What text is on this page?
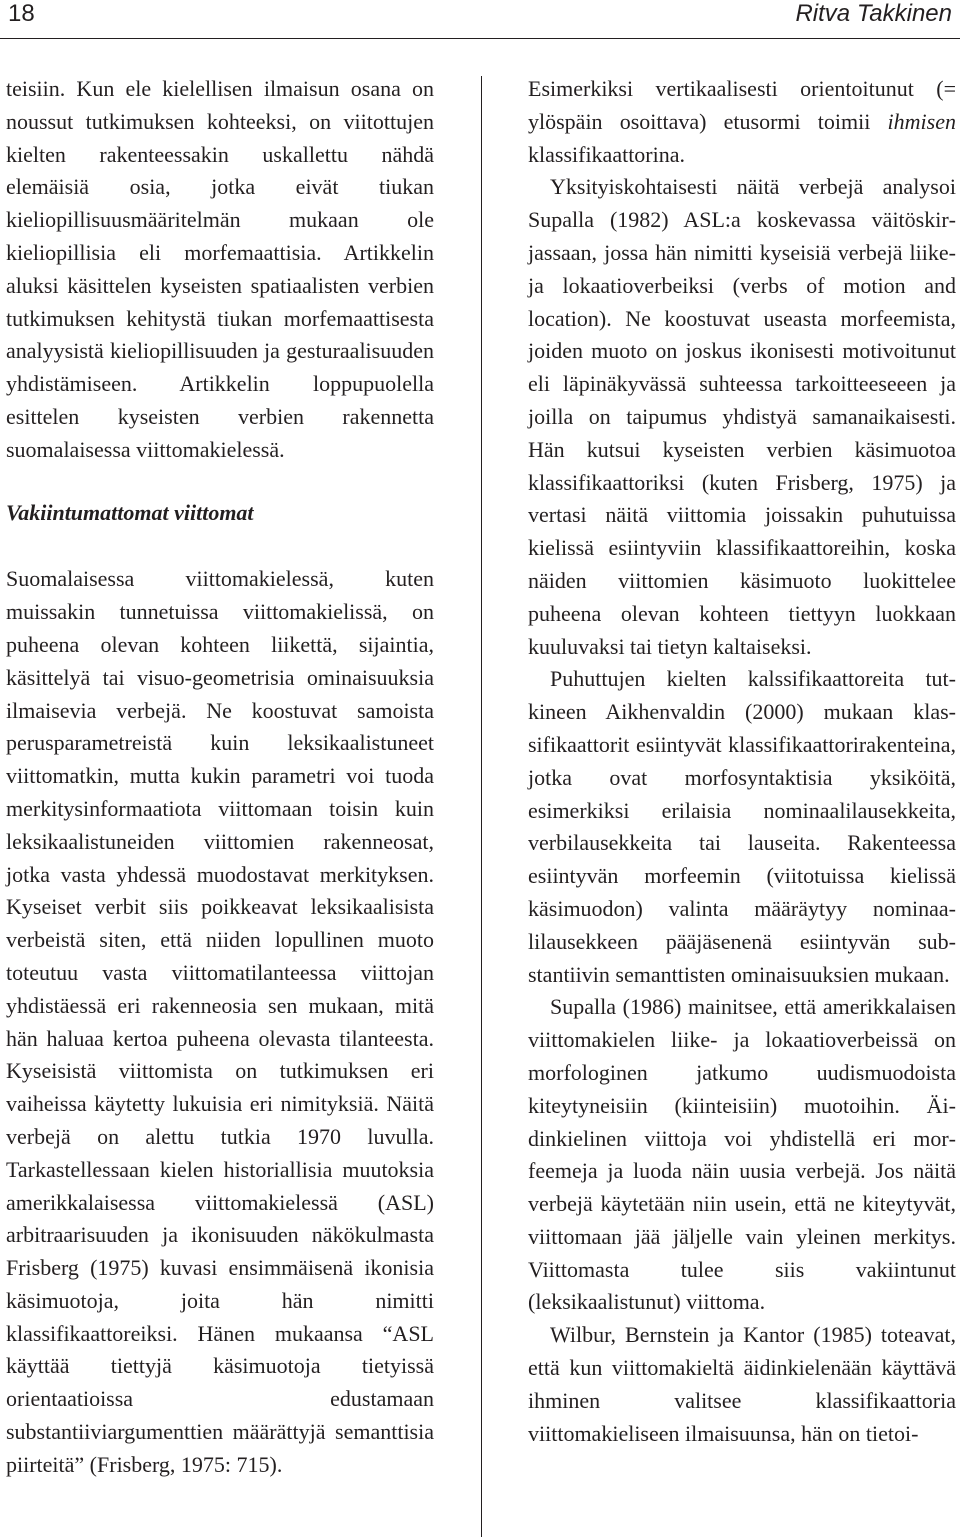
18	Ritva Takkinen

teisiin. Kun ele kielellisen ilmaisun osana on noussut tutkimuksen kohteeksi, on viitottujen kielten rakenteessakin uskallettu nähdä elemäisiä osia, jotka eivät tiukan kieliopillisuusmääritelmän mukaan ole kieliopillisia eli morfemaattisia. Artikkelin aluksi käsittelen kyseisten spatiaalisten verbien tutkimuksen kehitystä tiukan morfemaattisesta analyysistä kieliopillisuuden ja gesturaalisuuden yhdistämiseen. Artikkelin loppupuolella esittelen kyseisten verbien rakennetta suomalaisessa viittomakielessä.

Vakiintumattomat viittomat

Suomalaisessa viittomakielessä, kuten muissakin tunnetuissa viittomakielissä, on puheena olevan kohteen liikettä, sijaintia, käsittelyä tai visuo-geometrisia ominaisuuksia ilmaisevia verbejä. Ne koostuvat samoista perusparametreistä kuin leksikaalistuneet viittomatkin, mutta kukin parametri voi tuoda merkitysinformaatiota viittomaan toisin kuin leksikaalistuneiden viittomien rakenneosat, jotka vasta yhdessä muodostavat merkityksen. Kyseiset verbit siis poikkeavat leksikaalisista verbeistä siten, että niiden lopullinen muoto toteutuu vasta viittomatilanteessa viittojan yhdistäessä eri rakenneosia sen mukaan, mitä hän haluaa kertoa puheena olevasta tilanteesta. Kyseisistä viittomista on tutkimuksen eri vaiheissa käytetty lukuisia eri nimityksiä. Näitä verbejä on alettu tutkia 1970 luvulla. Tarkastellessaan kielen historiallisia muutoksia amerikkalaisessa viittomakielessä (ASL) arbitraarisuuden ja ikonisuuden näkökulmasta Frisberg (1975) kuvasi ensimmäisenä ikonisia käsimuotoja, joita hän nimitti klassifikaattoreiksi. Hänen mukaansa “ASL käyttää tiettyjä käsimuotoja tietyissä orientaatioissa edustamaan substantiiviargumenttien määrättyjä semanttisia piirteitä” (Frisberg, 1975: 715).

Esimerkiksi vertikaalisesti orientoitunut (= ylöspäin osoittava) etusormi toimii ihmisen klassifikaattorina.

Yksityiskohtaisesti näitä verbejä analysoi Supalla (1982) ASL:a koskevassa väitöskirjassaan, jossa hän nimitti kyseisiä verbejä liike- ja lokaatioverbeiksi (verbs of motion and location). Ne koostuvat useasta morfeemista, joiden muoto on joskus ikonisesti motivoitunut eli läpinäkyvässä suhteessa tarkoitteeseeen ja joilla on taipumus yhdistyä samanaikaisesti. Hän kutsui kyseisten verbien käsimuotoa klassifikaattoriksi (kuten Frisberg, 1975) ja vertasi näitä viittomia joissakin puhutuissa kielissä esiintyviin klassifikaattoreihin, koska näiden viittomien käsimuoto luokittelee puheena olevan kohteen tiettyyn luokkaan kuuluvaksi tai tietyn kaltaiseksi.

Puhuttujen kielten kalssifikaattoreita tutkineen Aikhenvaldin (2000) mukaan klassifikaattorit esiintyvät klassifikaattorirakenteina, jotka ovat morfosyntaktisia yksiköitä, esimerkiksi erilaisia nominaalilausekkeita, verbilausekkeita tai lauseita. Rakenteessa esiintyvän morfeemin (viitotuissa kielissä käsimuodon) valinta määräytyy nominaalilausekkeen pääjäsenenä esiintyvän substantiivin semanttisten ominaisuuksien mukaan.

Supalla (1986) mainitsee, että amerikkalaisen viittomakielen liike- ja lokaatioverbeissä on morfologinen jatkumo uudismuodoista kiteytyneisiin (kiinteisiin) muotoihin. Äidinkielinen viittoja voi yhdistellä eri morfeemeja ja luoda näin uusia verbejä. Jos näitä verbejä käytetään niin usein, että ne kiteytyvät, viittomaan jää jäljelle vain yleinen merkitys. Viittomasta tulee siis vakiintunut (leksikaalistunut) viittoma.

Wilbur, Bernstein ja Kantor (1985) toteavat, että kun viittomakieltä äidinkielenään käyttävä ihminen valitsee klassifikaattoria viittomakieliseen ilmaisuunsa, hän on tietoi-
